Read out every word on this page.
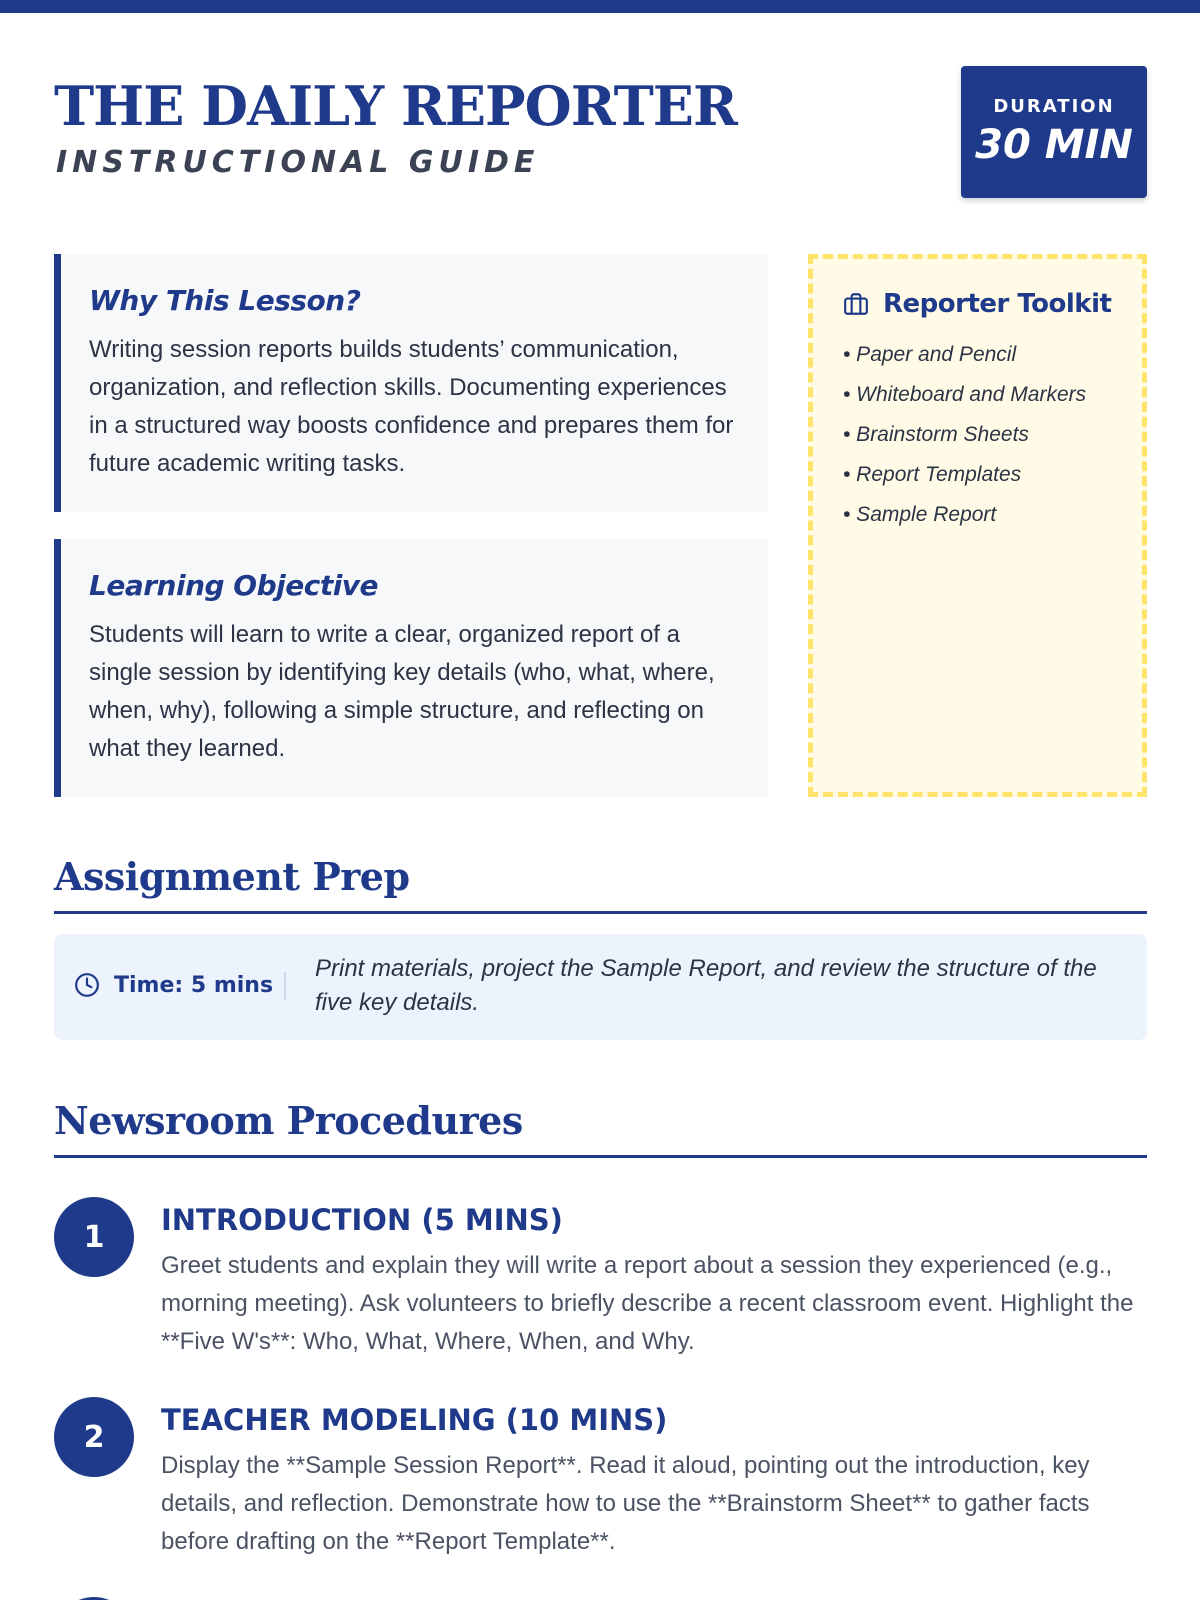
THE DAILY REPORTER
INSTRUCTIONAL GUIDE
DURATION
30 MIN
Why This Lesson?

Writing session reports builds students’ communication, organization, and reflection skills. Documenting experiences in a structured way boosts confidence and prepares them for future academic writing tasks.

Learning Objective

Students will learn to write a clear, organized report of a single session by identifying key details (who, what, where, when, why), following a simple structure, and reflecting on what they learned.

Reporter Toolkit
• Paper and Pencil
• Whiteboard and Markers
• Brainstorm Sheets
• Report Templates
• Sample Report
Assignment Prep
Time: 5 mins
Print materials, project the Sample Report, and review the structure of the five key details.
Newsroom Procedures
1	INTRODUCTION (5 MINS)
Greet students and explain they will write a report about a session they experienced (e.g., morning meeting). Ask volunteers to briefly describe a recent classroom event. Highlight the **Five W's**: Who, What, Where, When, and Why.
2	TEACHER MODELING (10 MINS)
Display the **Sample Session Report**. Read it aloud, pointing out the introduction, key details, and reflection. Demonstrate how to use the **Brainstorm Sheet** to gather facts before drafting on the **Report Template**.
